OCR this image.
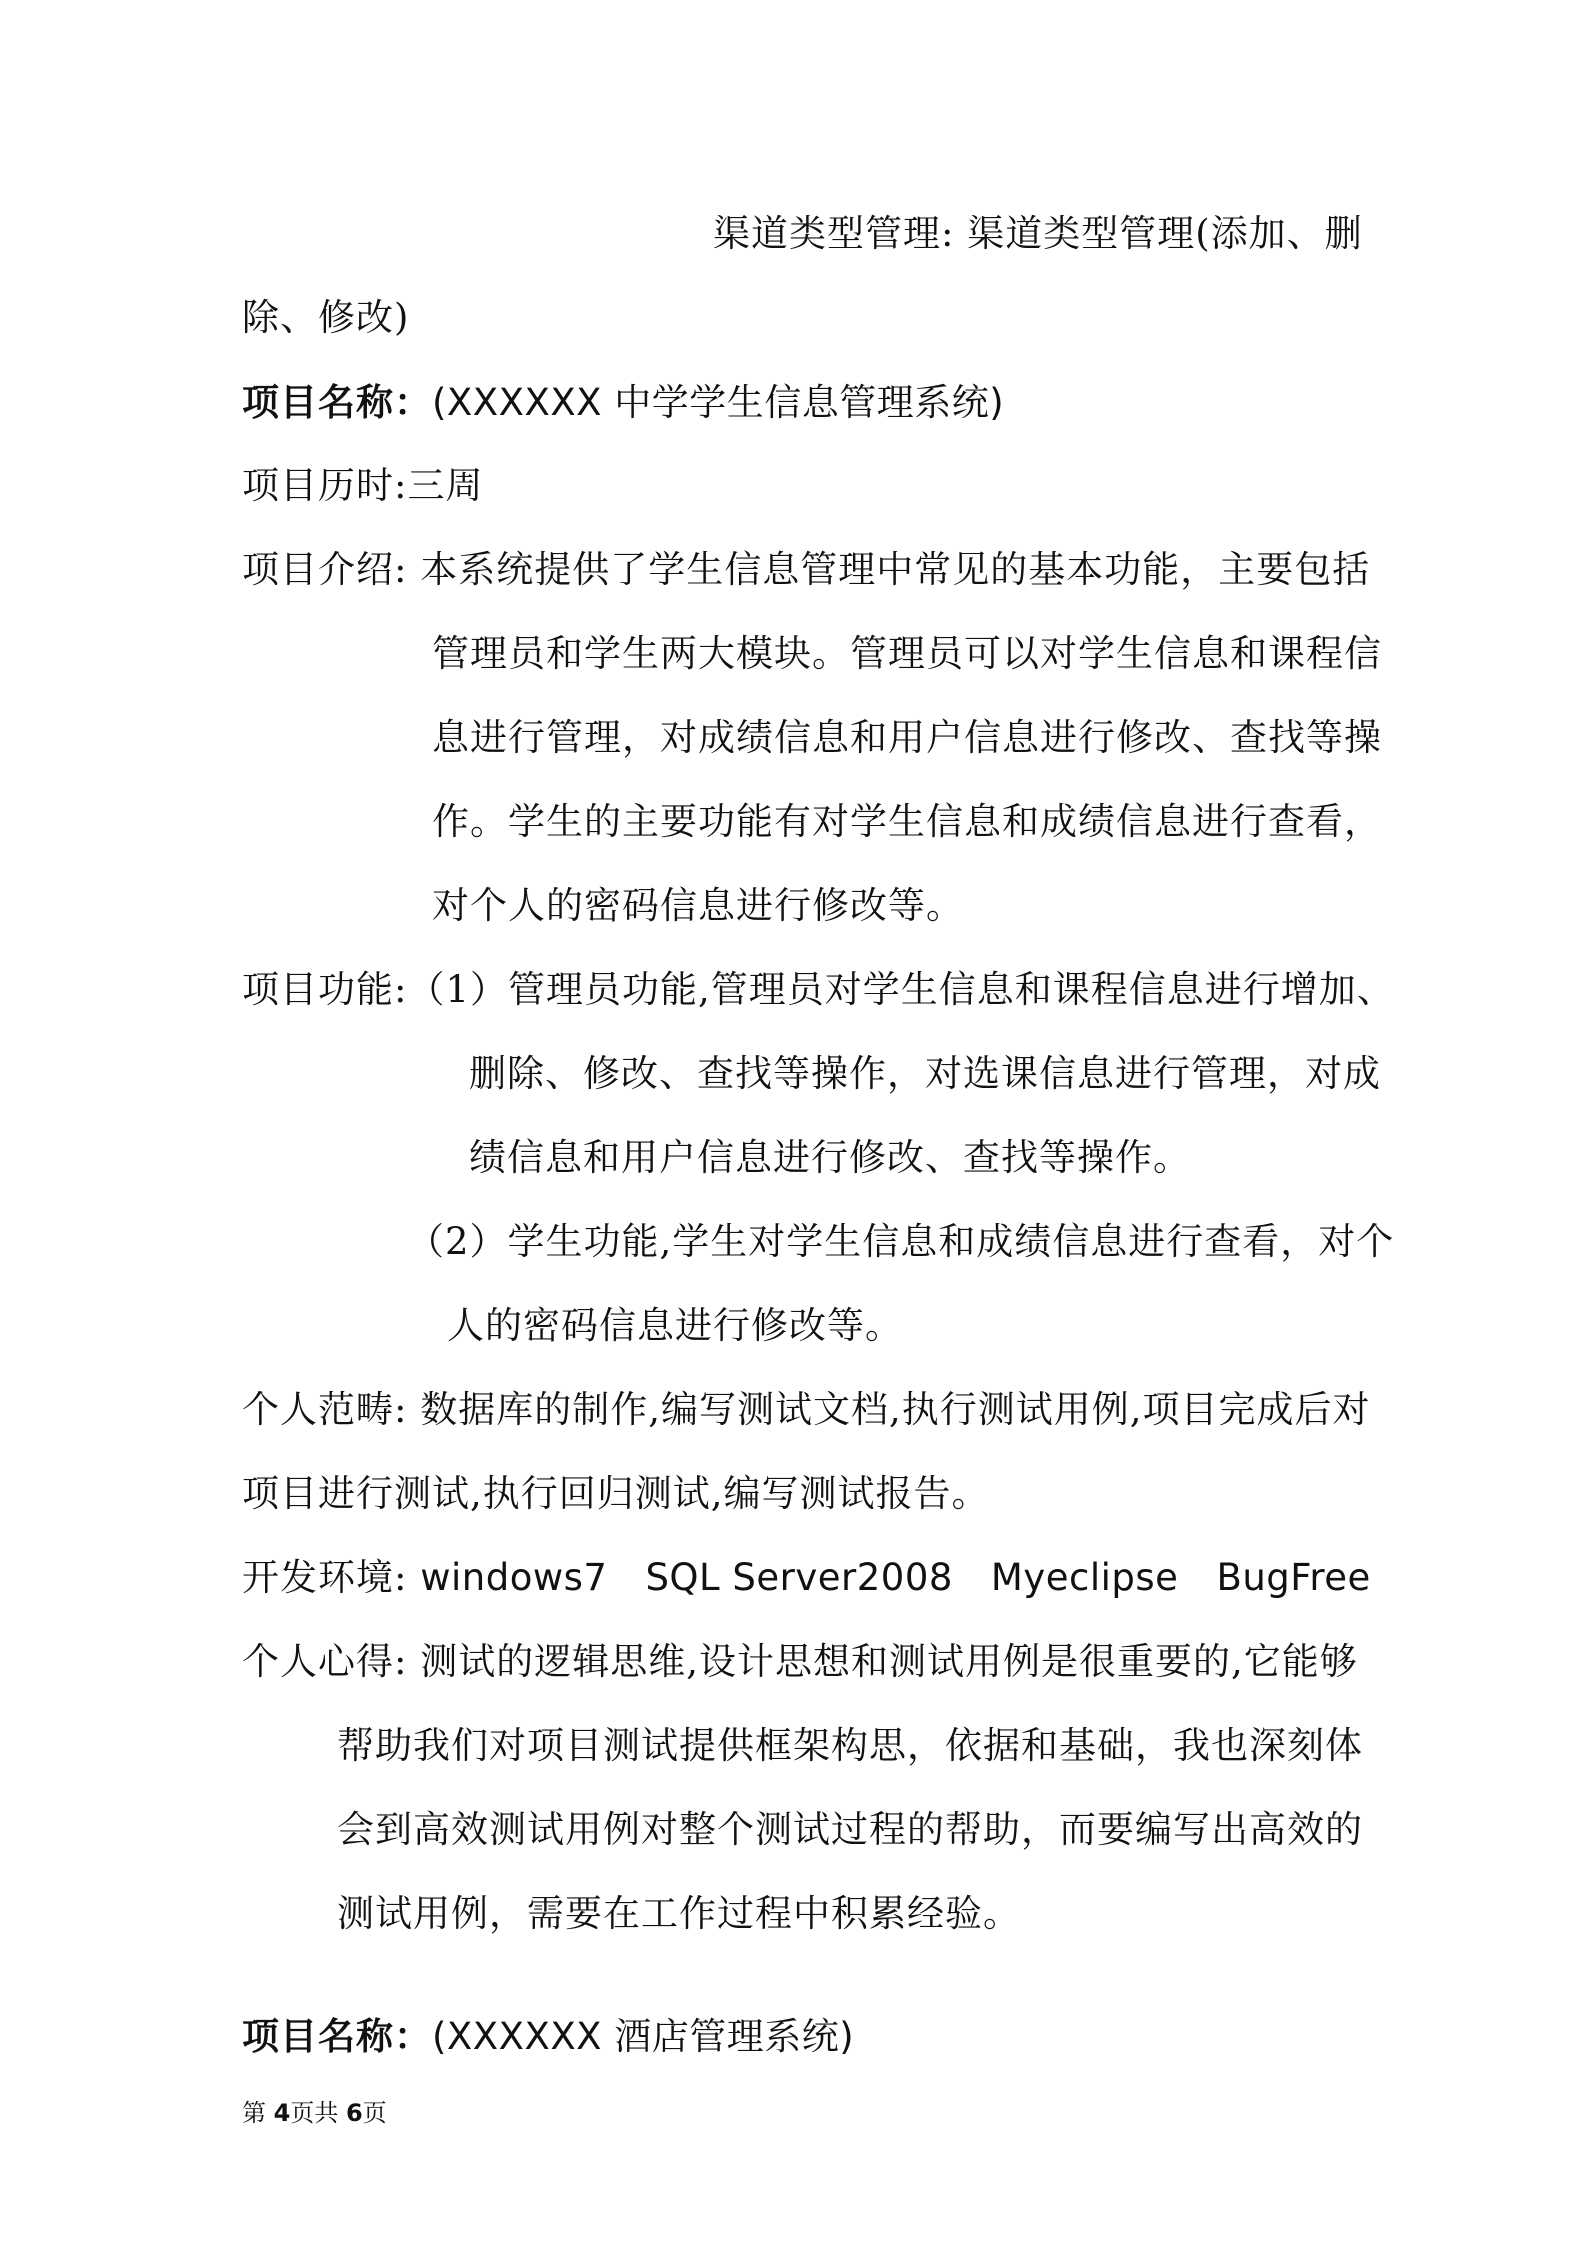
渠道类型管理: 渠道类型管理(添加、删
除、修改)
项目名称：(XXXXXX 中学学生信息管理系统)
项目历时:三周
项目介绍: 本系统提供了学生信息管理中常见的基本功能，主要包括
管理员和学生两大模块。管理员可以对学生信息和课程信
息进行管理，对成绩信息和用户信息进行修改、查找等操
作。学生的主要功能有对学生信息和成绩信息进行查看，
对个人的密码信息进行修改等。
项目功能:（1）管理员功能,管理员对学生信息和课程信息进行增加、
删除、修改、查找等操作，对选课信息进行管理，对成
绩信息和用户信息进行修改、查找等操作。
（2）学生功能,学生对学生信息和成绩信息进行查看，对个
人的密码信息进行修改等。
个人范畴: 数据库的制作,编写测试文档,执行测试用例,项目完成后对
项目进行测试,执行回归测试,编写测试报告。
开发环境: windows7 SQL Server2008 Myeclipse BugFree
个人心得: 测试的逻辑思维,设计思想和测试用例是很重要的,它能够
帮助我们对项目测试提供框架构思，依据和基础，我也深刻体
会到高效测试用例对整个测试过程的帮助，而要编写出高效的
测试用例，需要在工作过程中积累经验。
项目名称：(XXXXXX 酒店管理系统)
第 4页共 6页
